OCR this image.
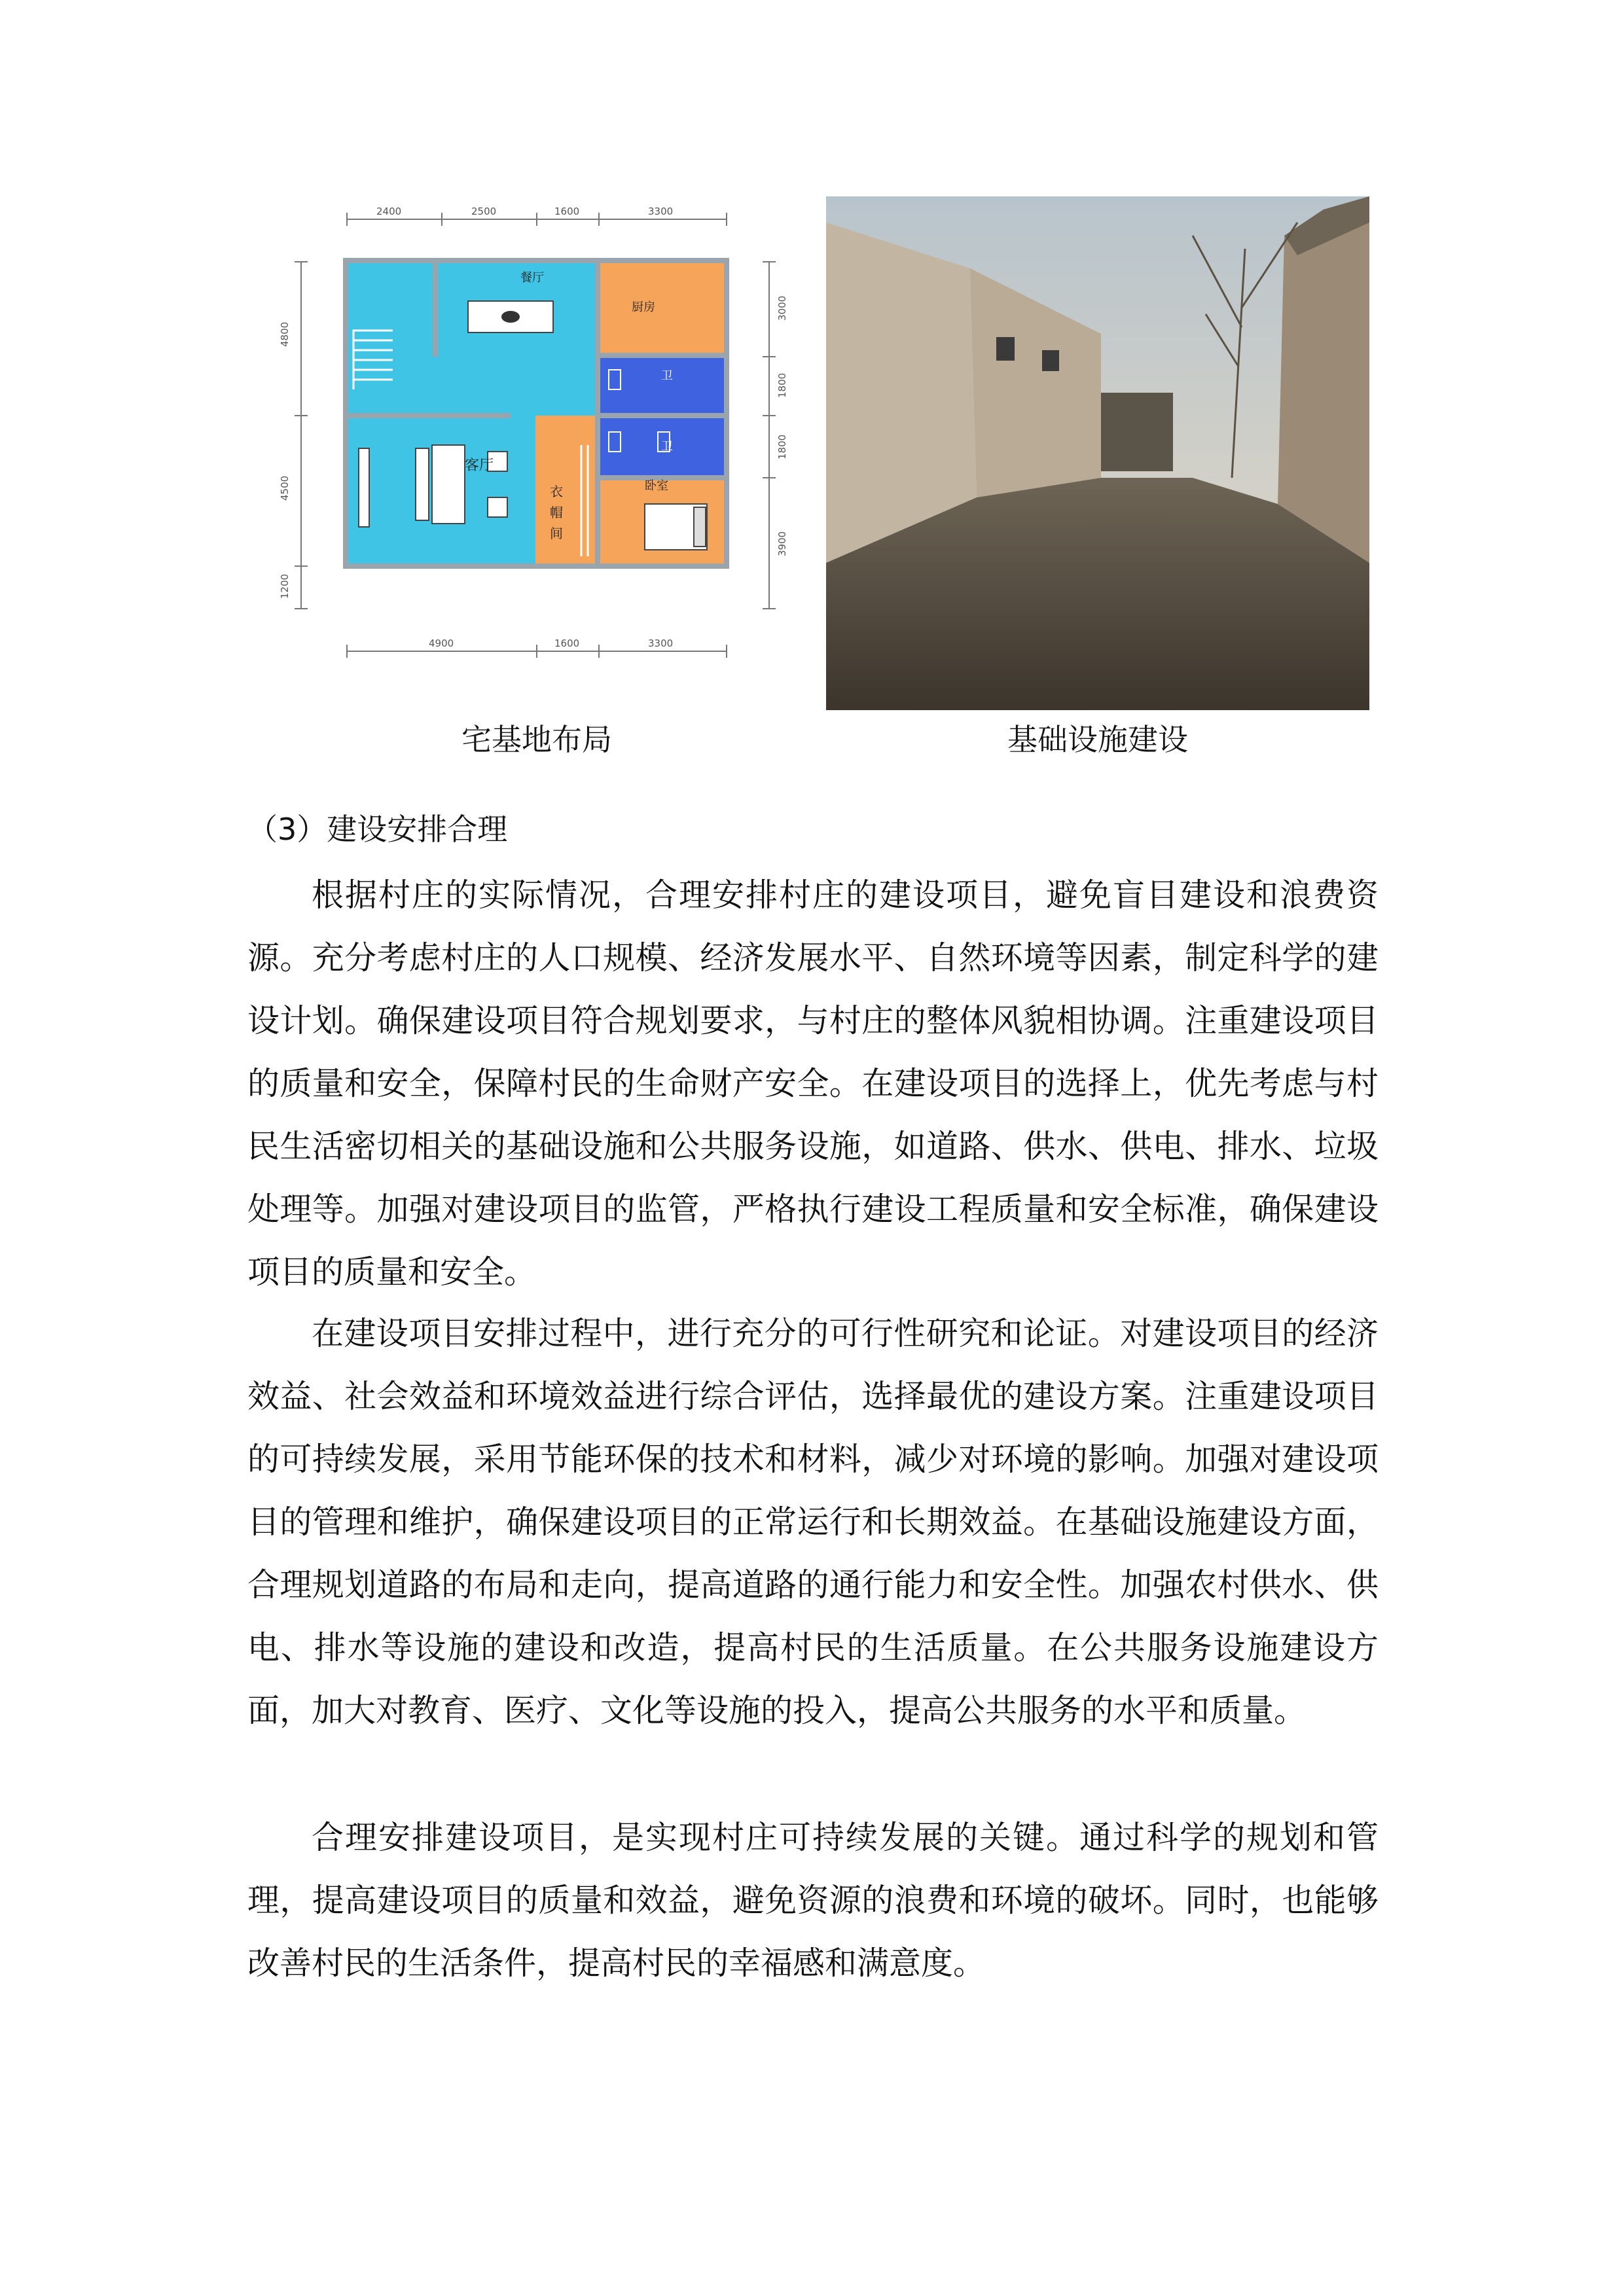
餐厅
厨房
卫
卫
客厅
卧室
衣
帽
间
2400	2500	1600	3300
4900	1600	3300
4800
4500
1200
3000
1800
1800
3900
宅基地布局	基础设施建设
（3）建设安排合理

根据村庄的实际情况，合理安排村庄的建设项目，避免盲目建设和浪费资源。充分考虑村庄的人口规模、经济发展水平、自然环境等因素，制定科学的建设计划。确保建设项目符合规划要求，与村庄的整体风貌相协调。注重建设项目的质量和安全，保障村民的生命财产安全。在建设项目的选择上，优先考虑与村民生活密切相关的基础设施和公共服务设施，如道路、供水、供电、排水、垃圾处理等。加强对建设项目的监管，严格执行建设工程质量和安全标准，确保建设项目的质量和安全。

在建设项目安排过程中，进行充分的可行性研究和论证。对建设项目的经济效益、社会效益和环境效益进行综合评估，选择最优的建设方案。注重建设项目的可持续发展，采用节能环保的技术和材料，减少对环境的影响。加强对建设项目的管理和维护，确保建设项目的正常运行和长期效益。在基础设施建设方面，合理规划道路的布局和走向，提高道路的通行能力和安全性。加强农村供水、供电、排水等设施的建设和改造，提高村民的生活质量。在公共服务设施建设方面，加大对教育、医疗、文化等设施的投入，提高公共服务的水平和质量。

合理安排建设项目，是实现村庄可持续发展的关键。通过科学的规划和管理，提高建设项目的质量和效益，避免资源的浪费和环境的破坏。同时，也能够改善村民的生活条件，提高村民的幸福感和满意度。
